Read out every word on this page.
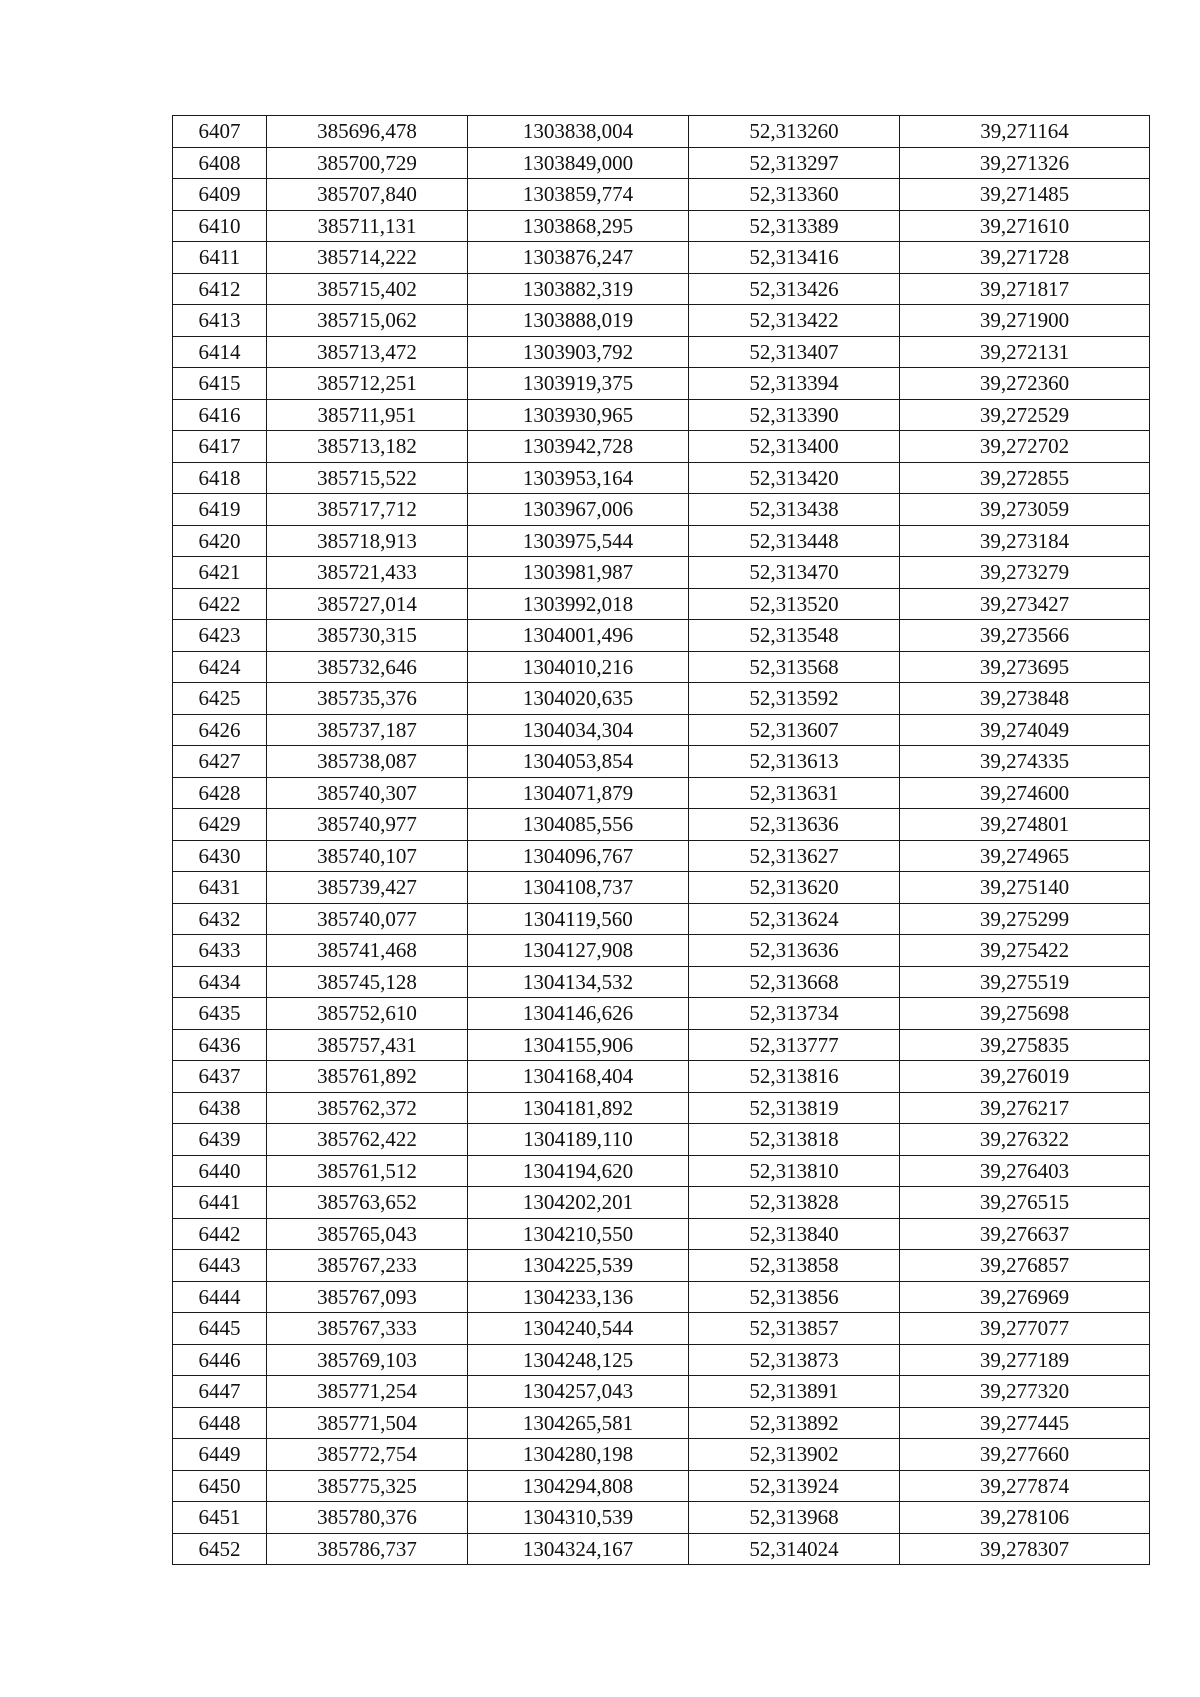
6407	385696,478	1303838,004	52,313260	39,271164
6408	385700,729	1303849,000	52,313297	39,271326
6409	385707,840	1303859,774	52,313360	39,271485
6410	385711,131	1303868,295	52,313389	39,271610
6411	385714,222	1303876,247	52,313416	39,271728
6412	385715,402	1303882,319	52,313426	39,271817
6413	385715,062	1303888,019	52,313422	39,271900
6414	385713,472	1303903,792	52,313407	39,272131
6415	385712,251	1303919,375	52,313394	39,272360
6416	385711,951	1303930,965	52,313390	39,272529
6417	385713,182	1303942,728	52,313400	39,272702
6418	385715,522	1303953,164	52,313420	39,272855
6419	385717,712	1303967,006	52,313438	39,273059
6420	385718,913	1303975,544	52,313448	39,273184
6421	385721,433	1303981,987	52,313470	39,273279
6422	385727,014	1303992,018	52,313520	39,273427
6423	385730,315	1304001,496	52,313548	39,273566
6424	385732,646	1304010,216	52,313568	39,273695
6425	385735,376	1304020,635	52,313592	39,273848
6426	385737,187	1304034,304	52,313607	39,274049
6427	385738,087	1304053,854	52,313613	39,274335
6428	385740,307	1304071,879	52,313631	39,274600
6429	385740,977	1304085,556	52,313636	39,274801
6430	385740,107	1304096,767	52,313627	39,274965
6431	385739,427	1304108,737	52,313620	39,275140
6432	385740,077	1304119,560	52,313624	39,275299
6433	385741,468	1304127,908	52,313636	39,275422
6434	385745,128	1304134,532	52,313668	39,275519
6435	385752,610	1304146,626	52,313734	39,275698
6436	385757,431	1304155,906	52,313777	39,275835
6437	385761,892	1304168,404	52,313816	39,276019
6438	385762,372	1304181,892	52,313819	39,276217
6439	385762,422	1304189,110	52,313818	39,276322
6440	385761,512	1304194,620	52,313810	39,276403
6441	385763,652	1304202,201	52,313828	39,276515
6442	385765,043	1304210,550	52,313840	39,276637
6443	385767,233	1304225,539	52,313858	39,276857
6444	385767,093	1304233,136	52,313856	39,276969
6445	385767,333	1304240,544	52,313857	39,277077
6446	385769,103	1304248,125	52,313873	39,277189
6447	385771,254	1304257,043	52,313891	39,277320
6448	385771,504	1304265,581	52,313892	39,277445
6449	385772,754	1304280,198	52,313902	39,277660
6450	385775,325	1304294,808	52,313924	39,277874
6451	385780,376	1304310,539	52,313968	39,278106
6452	385786,737	1304324,167	52,314024	39,278307
